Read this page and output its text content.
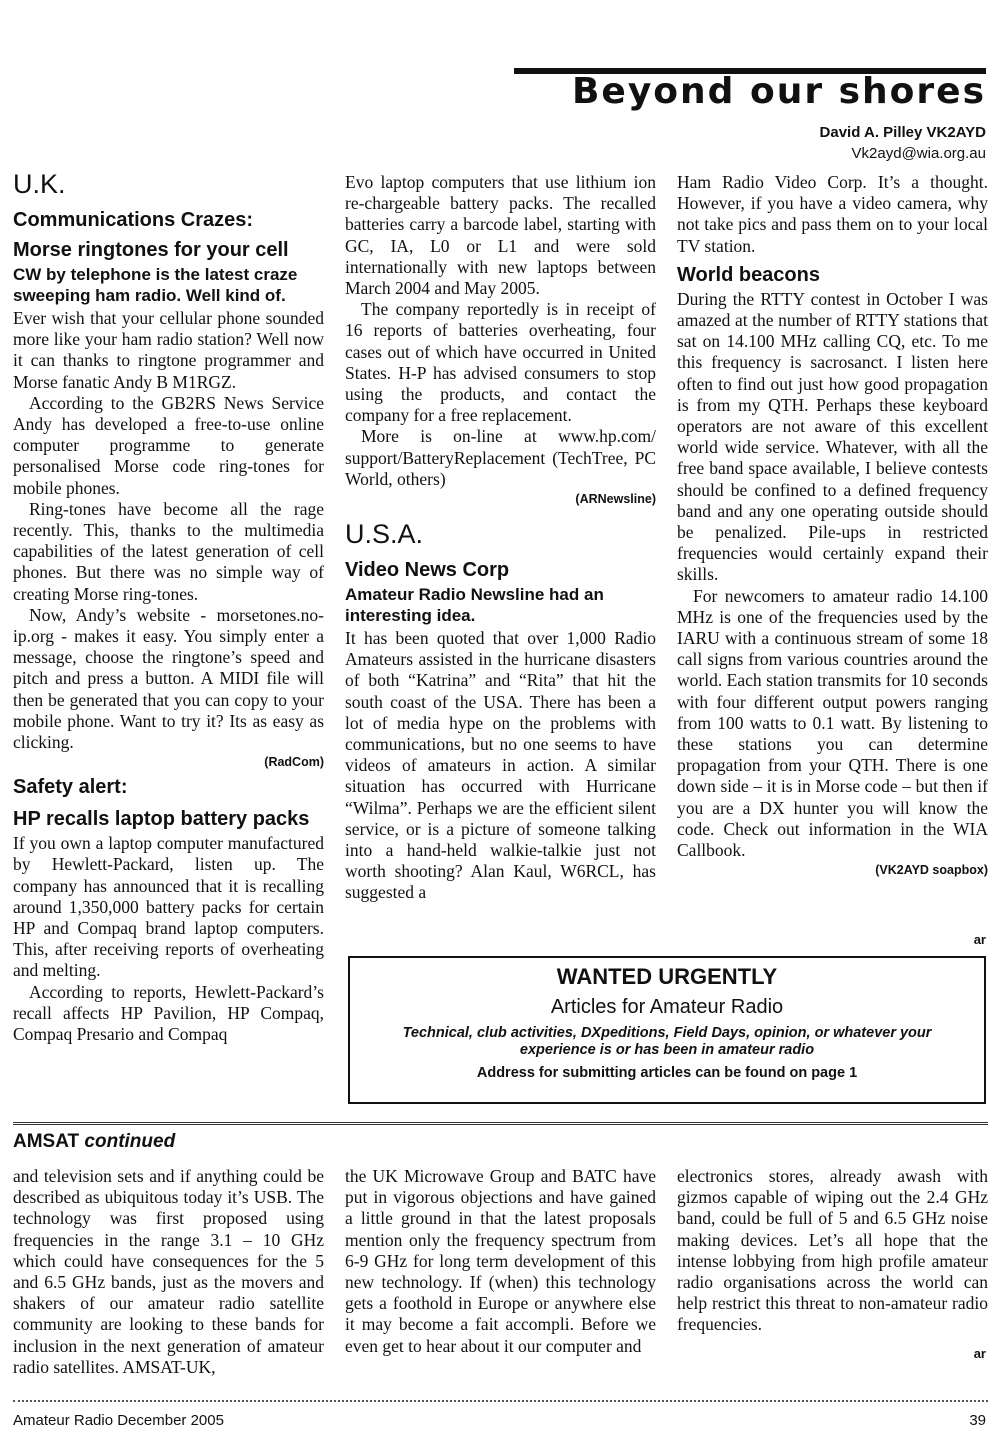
Beyond our shores
David A. Pilley VK2AYD
Vk2ayd@wia.org.au
U.K.
Communications Crazes:
Morse ringtones for your cell
CW by telephone is the latest craze sweeping ham radio. Well kind of.

Ever wish that your cellular phone sounded more like your ham radio station? Well now it can thanks to ringtone programmer and Morse fanatic Andy B M1RGZ.

According to the GB2RS News Service Andy has developed a free-to-use online computer programme to generate personalised Morse code ring-tones for mobile phones.

Ring-tones have become all the rage recently. This, thanks to the multimedia capabilities of the latest generation of cell phones. But there was no simple way of creating Morse ring-tones.

Now, Andy’s website - morsetones.no-ip.org - makes it easy. You simply enter a message, choose the ringtone’s speed and pitch and press a button. A MIDI file will then be generated that you can copy to your mobile phone. Want to try it? Its as easy as clicking.

(RadCom)
Safety alert:
HP recalls laptop battery packs

If you own a laptop computer manufactured by Hewlett-Packard, listen up. The company has announced that it is recalling around 1,350,000 battery packs for certain HP and Compaq brand laptop computers. This, after receiving reports of overheating and melting.

According to reports, Hewlett-Packard’s recall affects HP Pavilion, HP Compaq, Compaq Presario and Compaq

Evo laptop computers that use lithium ion re-chargeable battery packs. The recalled batteries carry a barcode label, starting with GC, IA, L0 or L1 and were sold internationally with new laptops between March 2004 and May 2005.

The company reportedly is in receipt of 16 reports of batteries overheating, four cases out of which have occurred in United States. H-P has advised consumers to stop using the products, and contact the company for a free replacement.

More is on-line at www.hp.com/ support/BatteryReplacement (TechTree, PC World, others)

(ARNewsline)
U.S.A.
Video News Corp
Amateur Radio Newsline had an interesting idea.

It has been quoted that over 1,000 Radio Amateurs assisted in the hurricane disasters of both “Katrina” and “Rita” that hit the south coast of the USA. There has been a lot of media hype on the problems with communications, but no one seems to have videos of amateurs in action. A similar situation has occurred with Hurricane “Wilma”. Perhaps we are the efficient silent service, or is a picture of someone talking into a hand-held walkie-talkie just not worth shooting? Alan Kaul, W6RCL, has suggested a

Ham Radio Video Corp. It’s a thought. However, if you have a video camera, why not take pics and pass them on to your local TV station.

World beacons

During the RTTY contest in October I was amazed at the number of RTTY stations that sat on 14.100 MHz calling CQ, etc. To me this frequency is sacrosanct. I listen here often to find out just how good propagation is from my QTH. Perhaps these keyboard operators are not aware of this excellent world wide service. Whatever, with all the free band space available, I believe contests should be confined to a defined frequency band and any one operating outside should be penalized. Pile-ups in restricted frequencies would certainly expand their skills.

For newcomers to amateur radio 14.100 MHz is one of the frequencies used by the IARU with a continuous stream of some 18 call signs from various countries around the world. Each station transmits for 10 seconds with four different output powers ranging from 100 watts to 0.1 watt. By listening to these stations you can determine propagation from your QTH. There is one down side – it is in Morse code – but then if you are a DX hunter you will know the code. Check out information in the WIA Callbook.

(VK2AYD soapbox)
ar
WANTED URGENTLY
Articles for Amateur Radio
Technical, club activities, DXpeditions, Field Days, opinion, or whatever your experience is or has been in amateur radio
Address for submitting articles can be found on page 1
AMSAT continued

and television sets and if anything could be described as ubiquitous today it’s USB. The technology was first proposed using frequencies in the range 3.1 – 10 GHz which could have consequences for the 5 and 6.5 GHz bands, just as the movers and shakers of our amateur radio satellite community are looking to these bands for inclusion in the next generation of amateur radio satellites. AMSAT-UK,

the UK Microwave Group and BATC have put in vigorous objections and have gained a little ground in that the latest proposals mention only the frequency spectrum from 6-9 GHz for long term development of this new technology. If (when) this technology gets a foothold in Europe or anywhere else it may become a fait accompli. Before we even get to hear about it our computer and

electronics stores, already awash with gizmos capable of wiping out the 2.4 GHz band, could be full of 5 and 6.5 GHz noise making devices. Let’s all hope that the intense lobbying from high profile amateur radio organisations across the world can help restrict this threat to non-amateur radio frequencies.

ar
Amateur Radio December 2005	39
